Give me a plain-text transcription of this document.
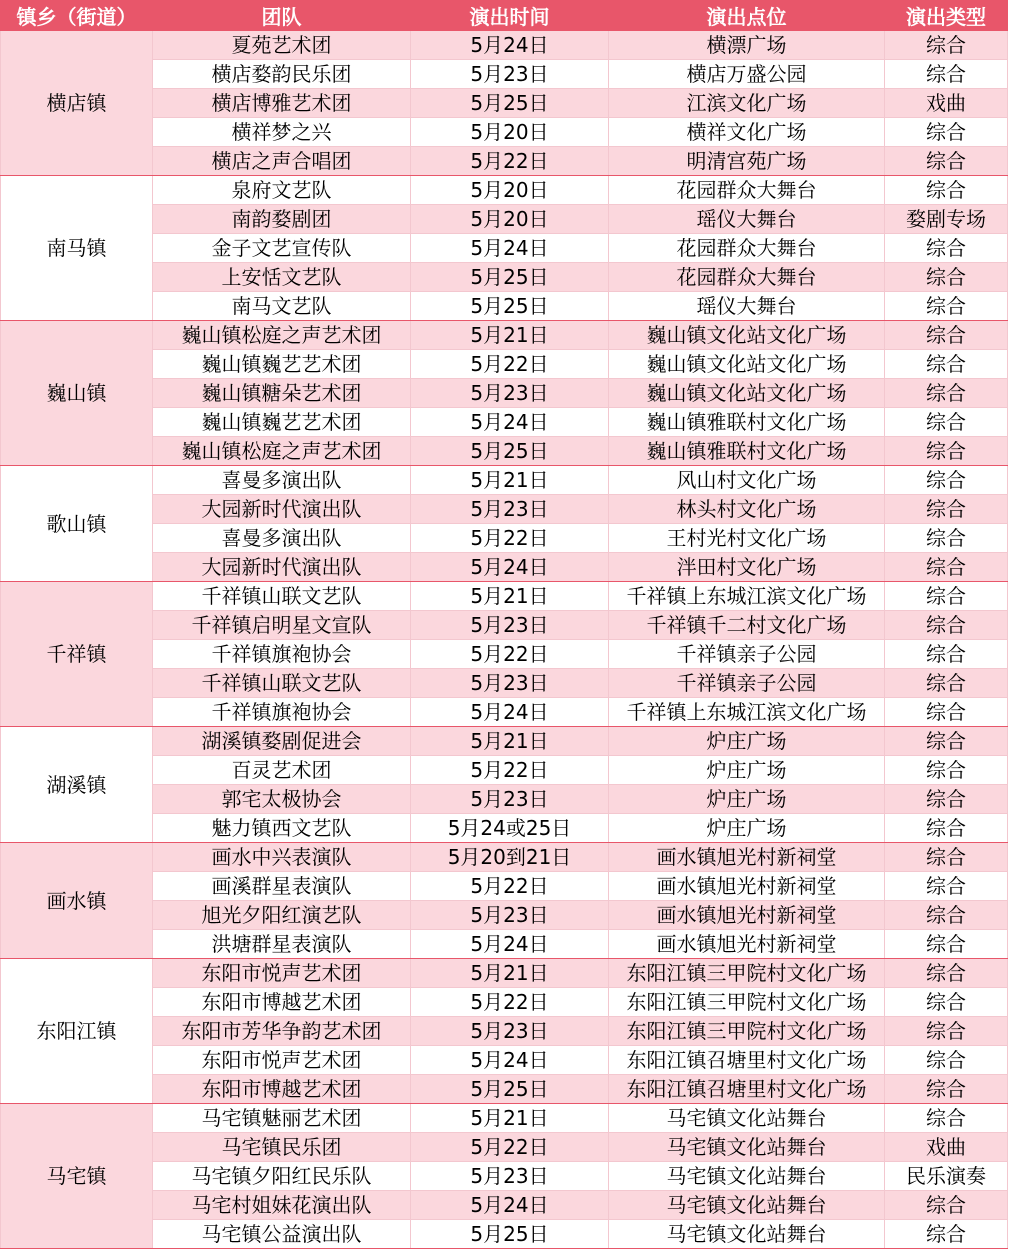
镇乡（街道）	团队	演出时间	演出点位	演出类型
横店镇	夏苑艺术团	5月24日	横漂广场	综合
	横店婺韵民乐团	5月23日	横店万盛公园	综合
	横店博雅艺术团	5月25日	江滨文化广场	戏曲
	横祥梦之兴	5月20日	横祥文化广场	综合
	横店之声合唱团	5月22日	明清宫苑广场	综合
南马镇	泉府文艺队	5月20日	花园群众大舞台	综合
	南韵婺剧团	5月20日	瑶仪大舞台	婺剧专场
	金子文艺宣传队	5月24日	花园群众大舞台	综合
	上安恬文艺队	5月25日	花园群众大舞台	综合
	南马文艺队	5月25日	瑶仪大舞台	综合
巍山镇	巍山镇松庭之声艺术团	5月21日	巍山镇文化站文化广场	综合
	巍山镇巍艺艺术团	5月22日	巍山镇文化站文化广场	综合
	巍山镇糖朵艺术团	5月23日	巍山镇文化站文化广场	综合
	巍山镇巍艺艺术团	5月24日	巍山镇雅联村文化广场	综合
	巍山镇松庭之声艺术团	5月25日	巍山镇雅联村文化广场	综合
歌山镇	喜曼多演出队	5月21日	风山村文化广场	综合
	大园新时代演出队	5月23日	林头村文化广场	综合
	喜曼多演出队	5月22日	王村光村文化广场	综合
	大园新时代演出队	5月24日	泮田村文化广场	综合
千祥镇	千祥镇山联文艺队	5月21日	千祥镇上东城江滨文化广场	综合
	千祥镇启明星文宣队	5月23日	千祥镇千二村文化广场	综合
	千祥镇旗袍协会	5月22日	千祥镇亲子公园	综合
	千祥镇山联文艺队	5月23日	千祥镇亲子公园	综合
	千祥镇旗袍协会	5月24日	千祥镇上东城江滨文化广场	综合
湖溪镇	湖溪镇婺剧促进会	5月21日	炉庄广场	综合
	百灵艺术团	5月22日	炉庄广场	综合
	郭宅太极协会	5月23日	炉庄广场	综合
	魅力镇西文艺队	5月24或25日	炉庄广场	综合
画水镇	画水中兴表演队	5月20到21日	画水镇旭光村新祠堂	综合
	画溪群星表演队	5月22日	画水镇旭光村新祠堂	综合
	旭光夕阳红演艺队	5月23日	画水镇旭光村新祠堂	综合
	洪塘群星表演队	5月24日	画水镇旭光村新祠堂	综合
东阳江镇	东阳市悦声艺术团	5月21日	东阳江镇三甲院村文化广场	综合
	东阳市博越艺术团	5月22日	东阳江镇三甲院村文化广场	综合
	东阳市芳华争韵艺术团	5月23日	东阳江镇三甲院村文化广场	综合
	东阳市悦声艺术团	5月24日	东阳江镇召塘里村文化广场	综合
	东阳市博越艺术团	5月25日	东阳江镇召塘里村文化广场	综合
马宅镇	马宅镇魅丽艺术团	5月21日	马宅镇文化站舞台	综合
	马宅镇民乐团	5月22日	马宅镇文化站舞台	戏曲
	马宅镇夕阳红民乐队	5月23日	马宅镇文化站舞台	民乐演奏
	马宅村姐妹花演出队	5月24日	马宅镇文化站舞台	综合
	马宅镇公益演出队	5月25日	马宅镇文化站舞台	综合
